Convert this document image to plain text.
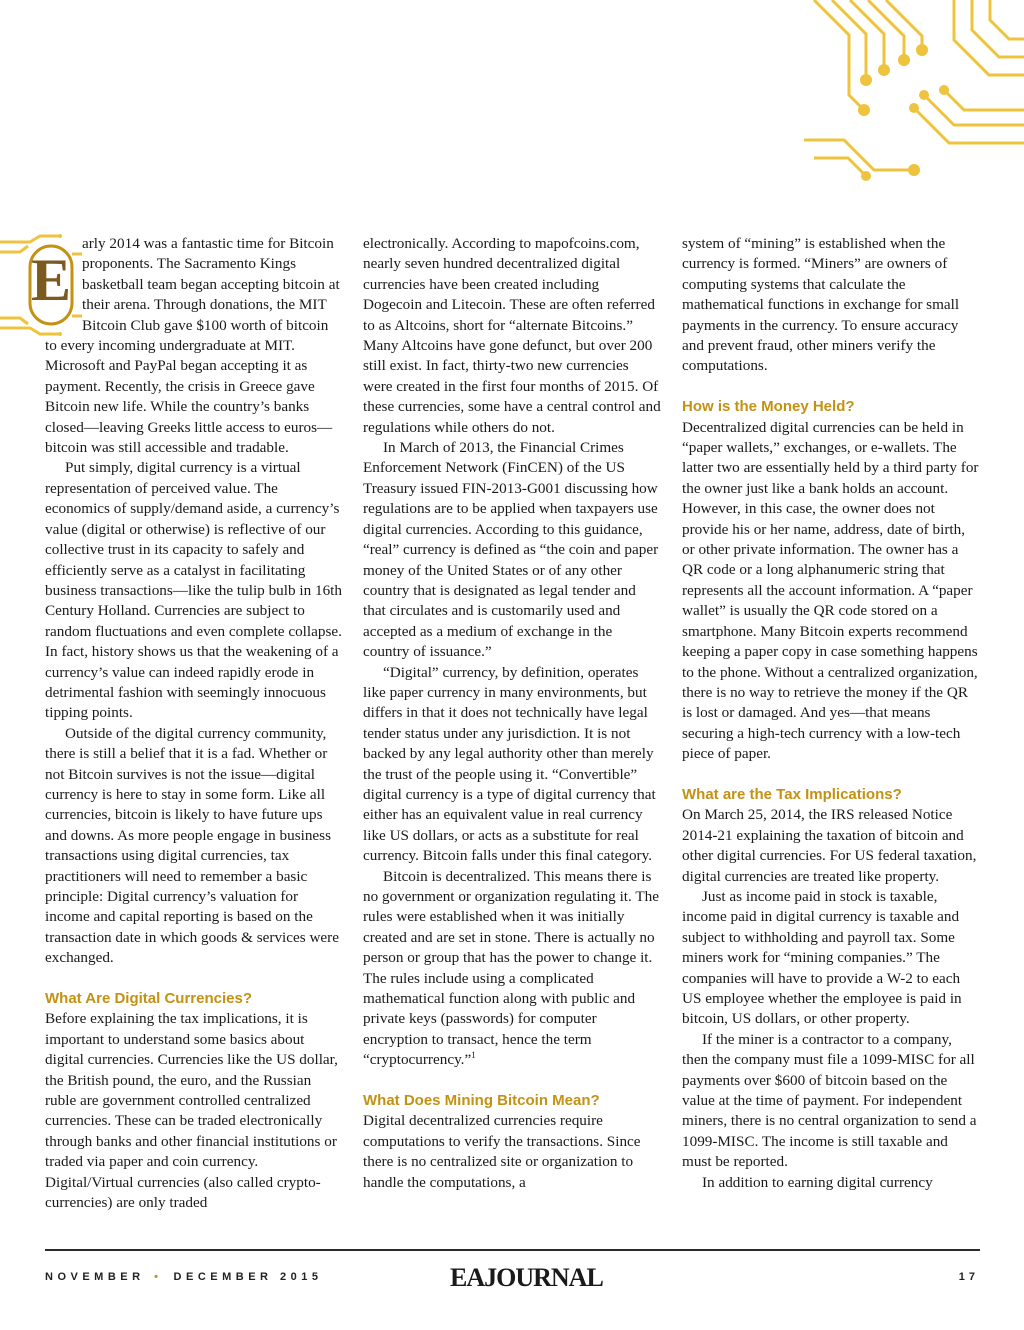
E

arly 2014 was a fantastic time for Bitcoin proponents. The Sacramento Kings basketball team began accepting bitcoin at their arena. Through donations, the MIT Bitcoin Club gave $100 worth of bitcoin to every incoming undergraduate at MIT. Microsoft and PayPal began accepting it as payment. Recently, the crisis in Greece gave Bitcoin new life. While the country’s banks closed—leaving Greeks little access to euros—bitcoin was still accessible and tradable.

Put simply, digital currency is a virtual representation of perceived value. The economics of supply/demand aside, a currency’s value (digital or otherwise) is reflective of our collective trust in its capacity to safely and efficiently serve as a catalyst in facilitating business transactions—like the tulip bulb in 16th Century Holland. Currencies are subject to random fluctuations and even complete collapse. In fact, history shows us that the weakening of a currency’s value can indeed rapidly erode in detrimental fashion with seemingly innocuous tipping points.

Outside of the digital currency community, there is still a belief that it is a fad. Whether or not Bitcoin survives is not the issue—digital currency is here to stay in some form. Like all currencies, bitcoin is likely to have future ups and downs. As more people engage in business transactions using digital currencies, tax practitioners will need to remember a basic principle: Digital currency’s valuation for income and capital reporting is based on the transaction date in which goods & services were exchanged.

What Are Digital Currencies?

Before explaining the tax implications, it is important to understand some basics about digital currencies. Currencies like the US dollar, the British pound, the euro, and the Russian ruble are government controlled centralized currencies. These can be traded electronically through banks and other financial institutions or traded via paper and coin currency. Digital/Virtual currencies (also called crypto-currencies) are only traded

electronically. According to mapofcoins.com, nearly seven hundred decentralized digital currencies have been created including Dogecoin and Litecoin. These are often referred to as Altcoins, short for “alternate Bitcoins.” Many Altcoins have gone defunct, but over 200 still exist. In fact, thirty-two new currencies were created in the first four months of 2015. Of these currencies, some have a central control and regulations while others do not.

In March of 2013, the Financial Crimes Enforcement Network (FinCEN) of the US Treasury issued FIN-2013-G001 discussing how regulations are to be applied when taxpayers use digital currencies. According to this guidance, “real” currency is defined as “the coin and paper money of the United States or of any other country that is designated as legal tender and that circulates and is customarily used and accepted as a medium of exchange in the country of issuance.”

“Digital” currency, by definition, operates like paper currency in many environments, but differs in that it does not technically have legal tender status under any jurisdiction. It is not backed by any legal authority other than merely the trust of the people using it. “Convertible” digital currency is a type of digital currency that either has an equivalent value in real currency like US dollars, or acts as a substitute for real currency. Bitcoin falls under this final category.

Bitcoin is decentralized. This means there is no government or organization regulating it. The rules were established when it was initially created and are set in stone. There is actually no person or group that has the power to change it. The rules include using a complicated mathematical function along with public and private keys (passwords) for computer encryption to transact, hence the term “cryptocurrency.”$^1$

What Does Mining Bitcoin Mean?

Digital decentralized currencies require computations to verify the transactions. Since there is no centralized site or organization to handle the computations, a

system of “mining” is established when the currency is formed. “Miners” are owners of computing systems that calculate the mathematical functions in exchange for small payments in the currency. To ensure accuracy and prevent fraud, other miners verify the computations.

How is the Money Held?

Decentralized digital currencies can be held in “paper wallets,” exchanges, or e-wallets. The latter two are essentially held by a third party for the owner just like a bank holds an account. However, in this case, the owner does not provide his or her name, address, date of birth, or other private information. The owner has a QR code or a long alphanumeric string that represents all the account information. A “paper wallet” is usually the QR code stored on a smartphone. Many Bitcoin experts recommend keeping a paper copy in case something happens to the phone. Without a centralized organization, there is no way to retrieve the money if the QR is lost or damaged. And yes—that means securing a high-tech currency with a low-tech piece of paper.

What are the Tax Implications?

On March 25, 2014, the IRS released Notice 2014-21 explaining the taxation of bitcoin and other digital currencies. For US federal taxation, digital currencies are treated like property.

Just as income paid in stock is taxable, income paid in digital currency is taxable and subject to withholding and payroll tax. Some miners work for “mining companies.” The companies will have to provide a W-2 to each US employee whether the employee is paid in bitcoin, US dollars, or other property.

If the miner is a contractor to a company, then the company must file a 1099-MISC for all payments over $600 of bitcoin based on the value at the time of payment. For independent miners, there is no central organization to send a 1099-MISC. The income is still taxable and must be reported.

In addition to earning digital currency

NOVEMBER • DECEMBER 2015	EAJOURNAL	17
